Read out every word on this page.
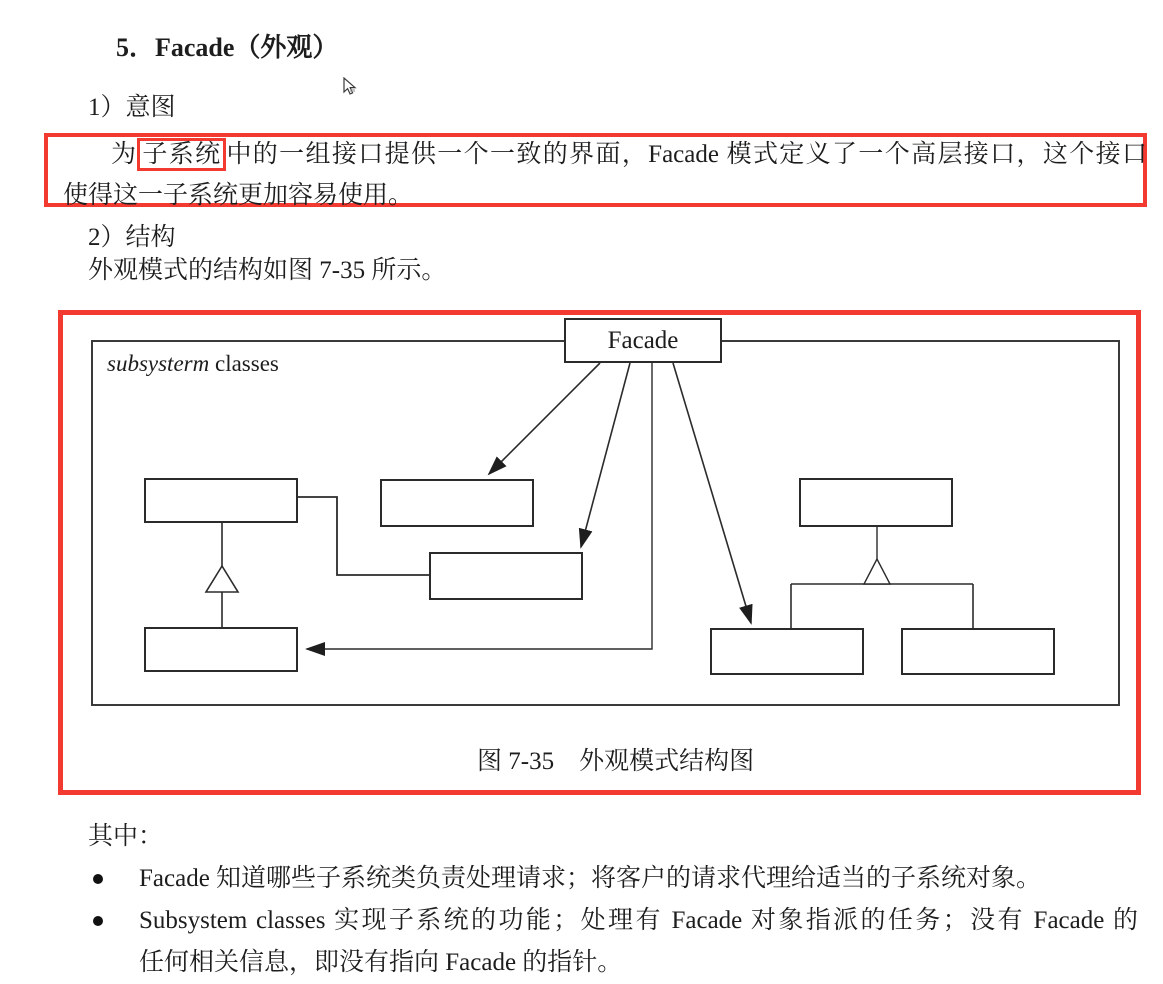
5．Facade（外观）
1）意图
为 子系统 中的一组接口提供一个一致的界面，Facade 模式定义了一个高层接口，这个接口
使得这一子系统更加容易使用。
2）结构
外观模式的结构如图 7-35 所示。
Facade
subsysterm classes
图 7-35　外观模式结构图
其中：
Facade 知道哪些子系统类负责处理请求；将客户的请求代理给适当的子系统对象。
Subsystem classes 实现子系统的功能；处理有 Facade 对象指派的任务；没有 Facade 的
任何相关信息，即没有指向 Facade 的指针。
